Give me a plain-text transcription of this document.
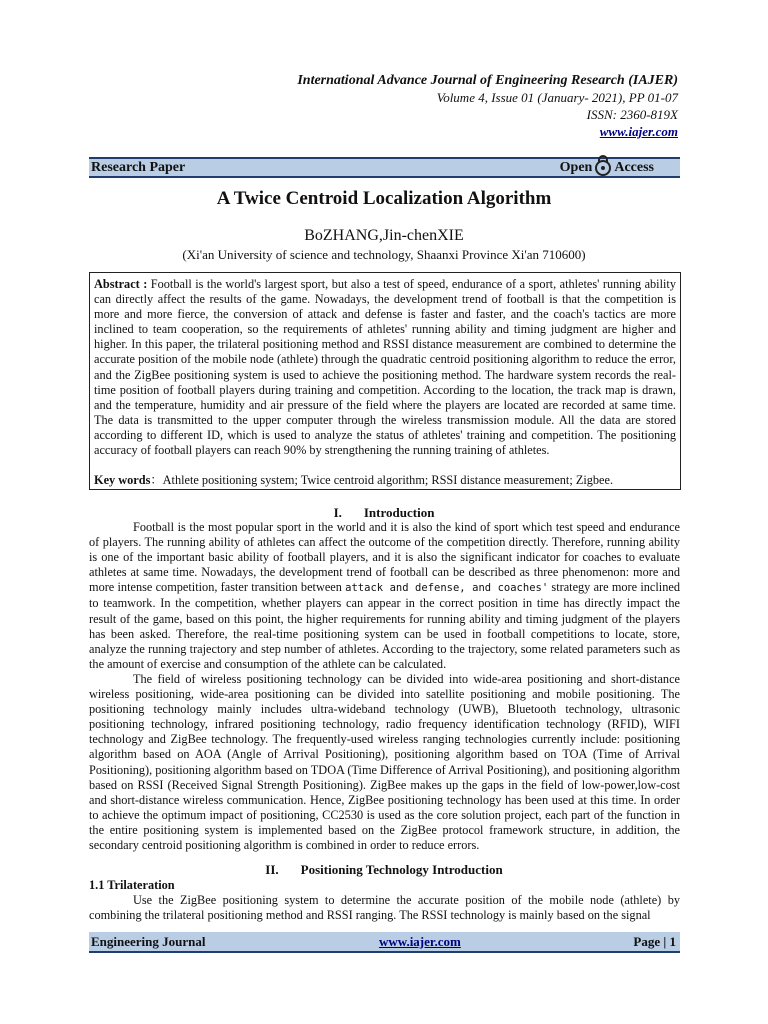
International Advance Journal of Engineering Research (IAJER)
Volume 4, Issue 01 (January- 2021), PP 01-07
ISSN: 2360-819X
www.iajer.com
Research Paper	Open Access
A Twice Centroid Localization Algorithm
BoZHANG,Jin-chenXIE
(Xi'an University of science and technology, Shaanxi Province Xi'an 710600)

Abstract : Football is the world's largest sport, but also a test of speed, endurance of a sport, athletes' running ability can directly affect the results of the game. Nowadays, the development trend of football is that the competition is more and more fierce, the conversion of attack and defense is faster and faster, and the coach's tactics are more inclined to team cooperation, so the requirements of athletes' running ability and timing judgment are higher and higher. In this paper, the trilateral positioning method and RSSI distance measurement are combined to determine the accurate position of the mobile node (athlete) through the quadratic centroid positioning algorithm to reduce the error, and the ZigBee positioning system is used to achieve the positioning method. The hardware system records the real-time position of football players during training and competition. According to the location, the track map is drawn, and the temperature, humidity and air pressure of the field where the players are located are recorded at same time. The data is transmitted to the upper computer through the wireless transmission module. All the data are stored according to different ID, which is used to analyze the status of athletes' training and competition. The positioning accuracy of football players can reach 90% by strengthening the running training of athletes.

Key words：Athlete positioning system; Twice centroid algorithm; RSSI distance measurement; Zigbee.

I. Introduction

Football is the most popular sport in the world and it is also the kind of sport which test speed and endurance of players. The running ability of athletes can affect the outcome of the competition directly. Therefore, running ability is one of the important basic ability of football players, and it is also the significant indicator for coaches to evaluate athletes at same time. Nowadays, the development trend of football can be described as three phenomenon: more and more intense competition, faster transition between attack and defense, and coaches' strategy are more inclined to teamwork. In the competition, whether players can appear in the correct position in time has directly impact the result of the game, based on this point, the higher requirements for running ability and timing judgment of the players has been asked. Therefore, the real-time positioning system can be used in football competitions to locate, store, analyze the running trajectory and step number of athletes. According to the trajectory, some related parameters such as the amount of exercise and consumption of the athlete can be calculated.

The field of wireless positioning technology can be divided into wide-area positioning and short-distance wireless positioning, wide-area positioning can be divided into satellite positioning and mobile positioning. The positioning technology mainly includes ultra-wideband technology (UWB), Bluetooth technology, ultrasonic positioning technology, infrared positioning technology, radio frequency identification technology (RFID), WIFI technology and ZigBee technology. The frequently-used wireless ranging technologies currently include: positioning algorithm based on AOA (Angle of Arrival Positioning), positioning algorithm based on TOA (Time of Arrival Positioning), positioning algorithm based on TDOA (Time Difference of Arrival Positioning), and positioning algorithm based on RSSI (Received Signal Strength Positioning). ZigBee makes up the gaps in the field of low-power,low-cost and short-distance wireless communication. Hence, ZigBee positioning technology has been used at this time. In order to achieve the optimum impact of positioning, CC2530 is used as the core solution project, each part of the function in the entire positioning system is implemented based on the ZigBee protocol framework structure, in addition, the secondary centroid positioning algorithm is combined in order to reduce errors.

II. Positioning Technology Introduction
1.1 Trilateration

Use the ZigBee positioning system to determine the accurate position of the mobile node (athlete) by combining the trilateral positioning method and RSSI ranging. The RSSI technology is mainly based on the signal

Engineering Journal	www.iajer.com	Page | 1
